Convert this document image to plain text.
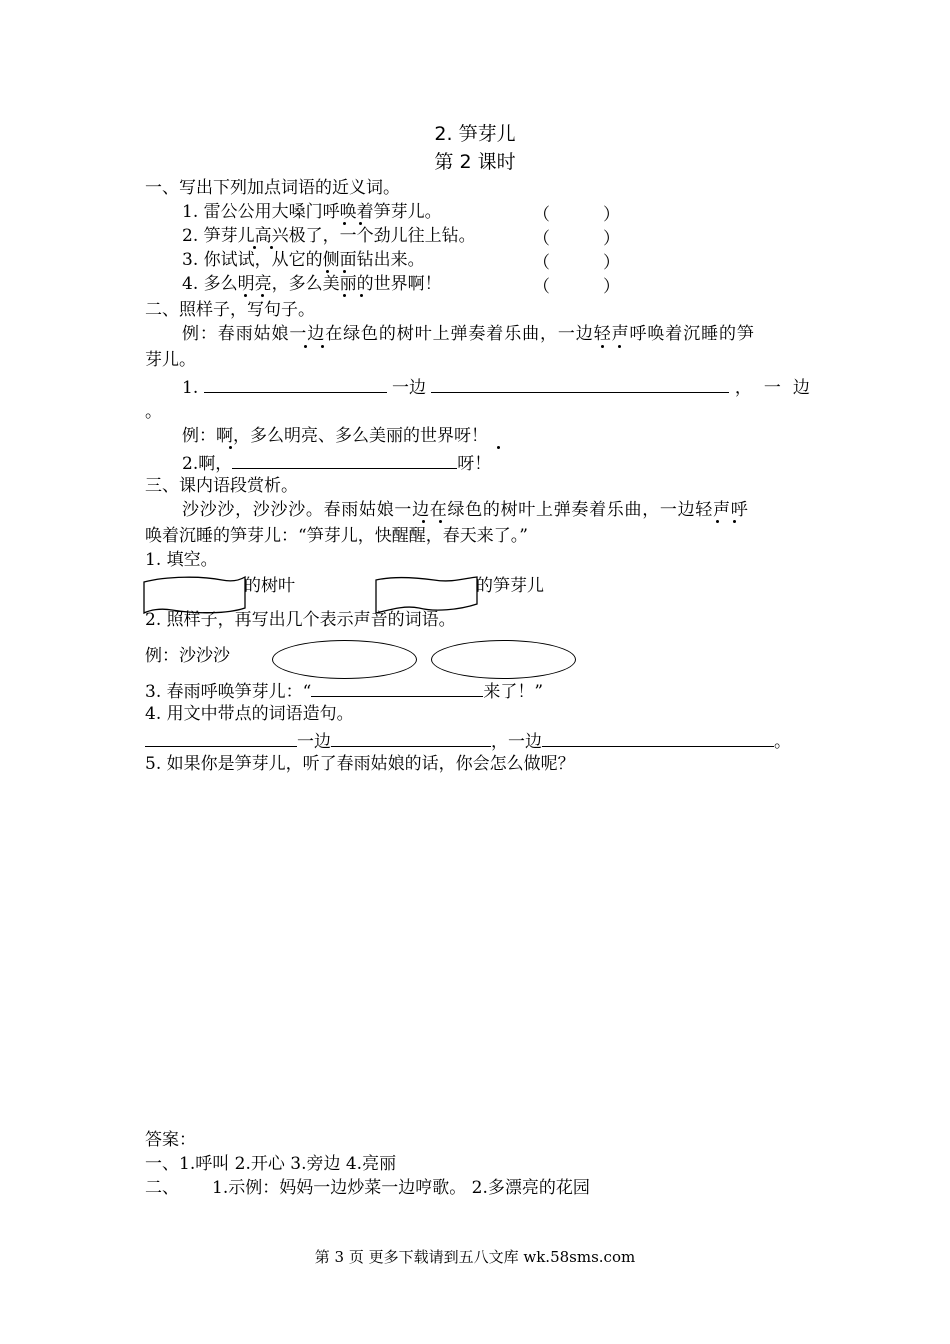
2. 笋芽儿
第 2 课时
一、写出下列加点词语的近义词。
1. 雷公公用大嗓门呼唤着笋芽儿。	（	）
2. 笋芽儿高兴极了，一个劲儿往上钻。	（	）
3. 你试试，从它的侧面钻出来。	（	）
4. 多么明亮，多么美丽的世界啊！	（	）
二、照样子，写句子。
例：春雨姑娘一边在绿色的树叶上弹奏着乐曲，一边轻声呼唤着沉睡的笋
芽儿。
1.	一边	，一边
。
例：啊，多么明亮、多么美丽的世界呀！
2.啊，	呀！
三、课内语段赏析。
沙沙沙，沙沙沙。春雨姑娘一边在绿色的树叶上弹奏着乐曲，一边轻声呼
唤着沉睡的笋芽儿：“笋芽儿，快醒醒，春天来了。”
1. 填空。
的树叶	的笋芽儿
2. 照样子，再写出几个表示声音的词语。
例：沙沙沙
3. 春雨呼唤笋芽儿：“	来了！”
4. 用文中带点的词语造句。
一边	，一边	。
5. 如果你是笋芽儿，听了春雨姑娘的话，你会怎么做呢？
答案：
一、1.呼叫 2.开心 3.旁边 4.亮丽
二、 1.示例：妈妈一边炒菜一边哼歌。 2.多漂亮的花园
第 3 页 更多下载请到五八文库 wk.58sms.com
